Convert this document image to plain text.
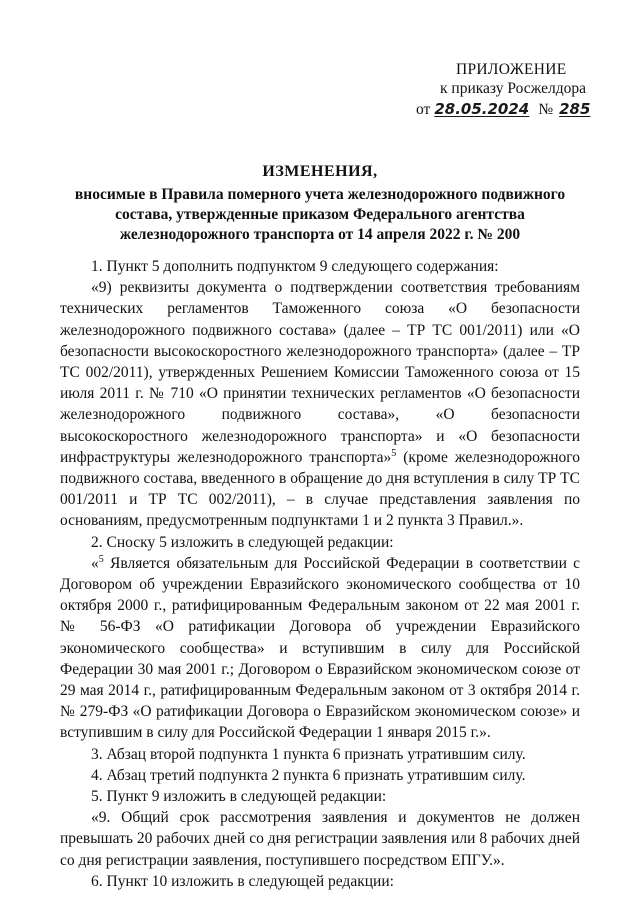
ПРИЛОЖЕНИЕ
к приказу Росжелдора
от 28.05.2024 № 285
ИЗМЕНЕНИЯ,
вносимые в Правила померного учета железнодорожного подвижного состава, утвержденные приказом Федерального агентства железнодорожного транспорта от 14 апреля 2022 г. № 200

1. Пункт 5 дополнить подпунктом 9 следующего содержания:

«9) реквизиты документа о подтверждении соответствия требованиям технических регламентов Таможенного союза «О безопасности железнодорожного подвижного состава» (далее – ТР ТС 001/2011) или «О безопасности высокоскоростного железнодорожного транспорта» (далее – ТР ТС 002/2011), утвержденных Решением Комиссии Таможенного союза от 15 июля 2011 г. № 710 «О принятии технических регламентов «О безопасности железнодорожного подвижного состава», «О безопасности высокоскоростного железнодорожного транспорта» и «О безопасности инфраструктуры железнодорожного транспорта»$^5$ (кроме железнодорожного подвижного состава, введенного в обращение до дня вступления в силу ТР ТС 001/2011 и ТР ТС 002/2011), – в случае представления заявления по основаниям, предусмотренным подпунктами 1 и 2 пункта 3 Правил.».

2. Сноску 5 изложить в следующей редакции:

«$^5$ Является обязательным для Российской Федерации в соответствии с Договором об учреждении Евразийского экономического сообщества от 10 октября 2000 г., ратифицированным Федеральным законом от 22 мая 2001 г. № 56-ФЗ «О ратификации Договора об учреждении Евразийского экономического сообщества» и вступившим в силу для Российской Федерации 30 мая 2001 г.; Договором о Евразийском экономическом союзе от 29 мая 2014 г., ратифицированным Федеральным законом от 3 октября 2014 г. № 279-ФЗ «О ратификации Договора о Евразийском экономическом союзе» и вступившим в силу для Российской Федерации 1 января 2015 г.».

3. Абзац второй подпункта 1 пункта 6 признать утратившим силу.

4. Абзац третий подпункта 2 пункта 6 признать утратившим силу.

5. Пункт 9 изложить в следующей редакции:

«9. Общий срок рассмотрения заявления и документов не должен превышать 20 рабочих дней со дня регистрации заявления или 8 рабочих дней со дня регистрации заявления, поступившего посредством ЕПГУ.».

6. Пункт 10 изложить в следующей редакции:
